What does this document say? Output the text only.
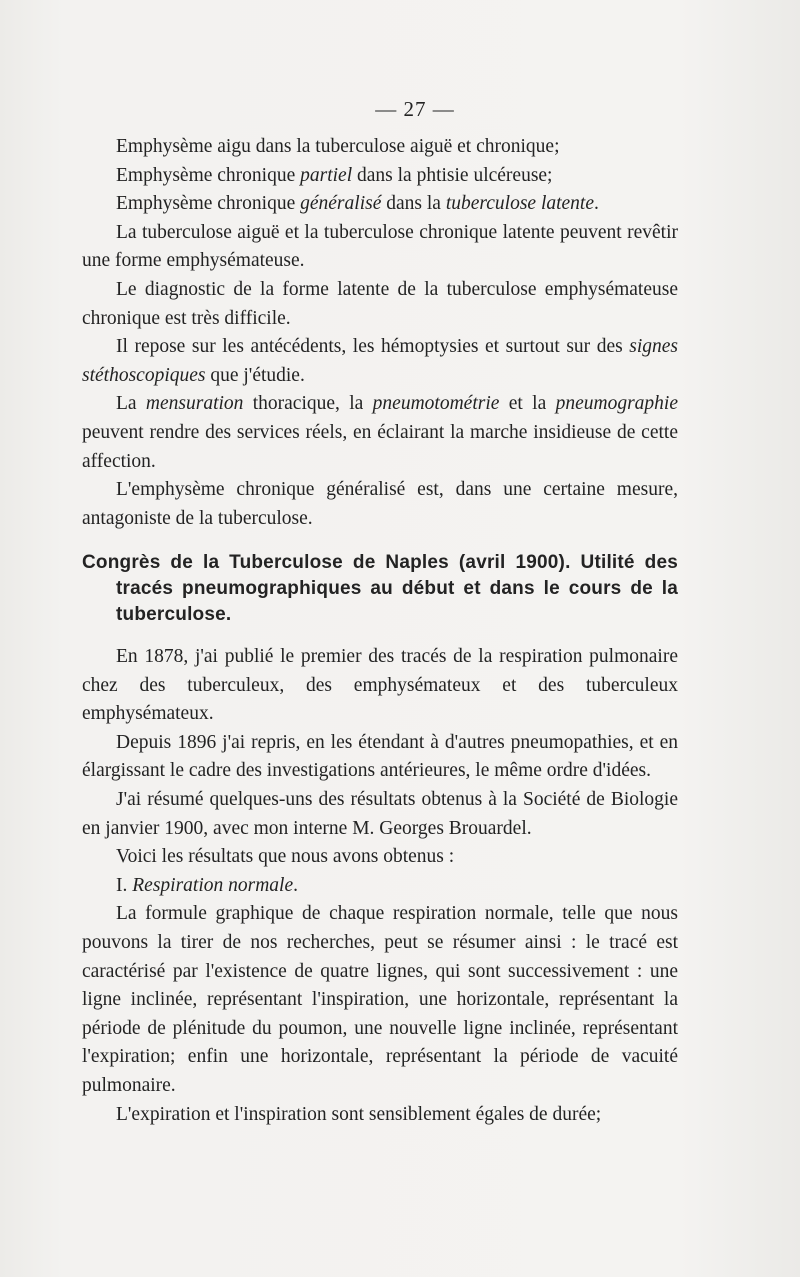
— 27 —

Emphysème aigu dans la tuberculose aiguë et chronique;

Emphysème chronique partiel dans la phtisie ulcéreuse;

Emphysème chronique généralisé dans la tuberculose latente.

La tuberculose aiguë et la tuberculose chronique latente peuvent revêtir une forme emphysémateuse.

Le diagnostic de la forme latente de la tuberculose emphysémateuse chronique est très difficile.

Il repose sur les antécédents, les hémoptysies et surtout sur des signes stéthoscopiques que j'étudie.

La mensuration thoracique, la pneumotométrie et la pneumographie peuvent rendre des services réels, en éclairant la marche insidieuse de cette affection.

L'emphysème chronique généralisé est, dans une certaine mesure, antagoniste de la tuberculose.

Congrès de la Tuberculose de Naples (avril 1900). Utilité des tracés pneumographiques au début et dans le cours de la tuberculose.

En 1878, j'ai publié le premier des tracés de la respiration pulmonaire chez des tuberculeux, des emphysémateux et des tuberculeux emphysémateux.

Depuis 1896 j'ai repris, en les étendant à d'autres pneumopathies, et en élargissant le cadre des investigations antérieures, le même ordre d'idées.

J'ai résumé quelques-uns des résultats obtenus à la Société de Biologie en janvier 1900, avec mon interne M. Georges Brouardel.

Voici les résultats que nous avons obtenus :

I. Respiration normale.

La formule graphique de chaque respiration normale, telle que nous pouvons la tirer de nos recherches, peut se résumer ainsi : le tracé est caractérisé par l'existence de quatre lignes, qui sont successivement : une ligne inclinée, représentant l'inspiration, une horizontale, représentant la période de plénitude du poumon, une nouvelle ligne inclinée, représentant l'expiration; enfin une horizontale, représentant la période de vacuité pulmonaire.

L'expiration et l'inspiration sont sensiblement égales de durée;
